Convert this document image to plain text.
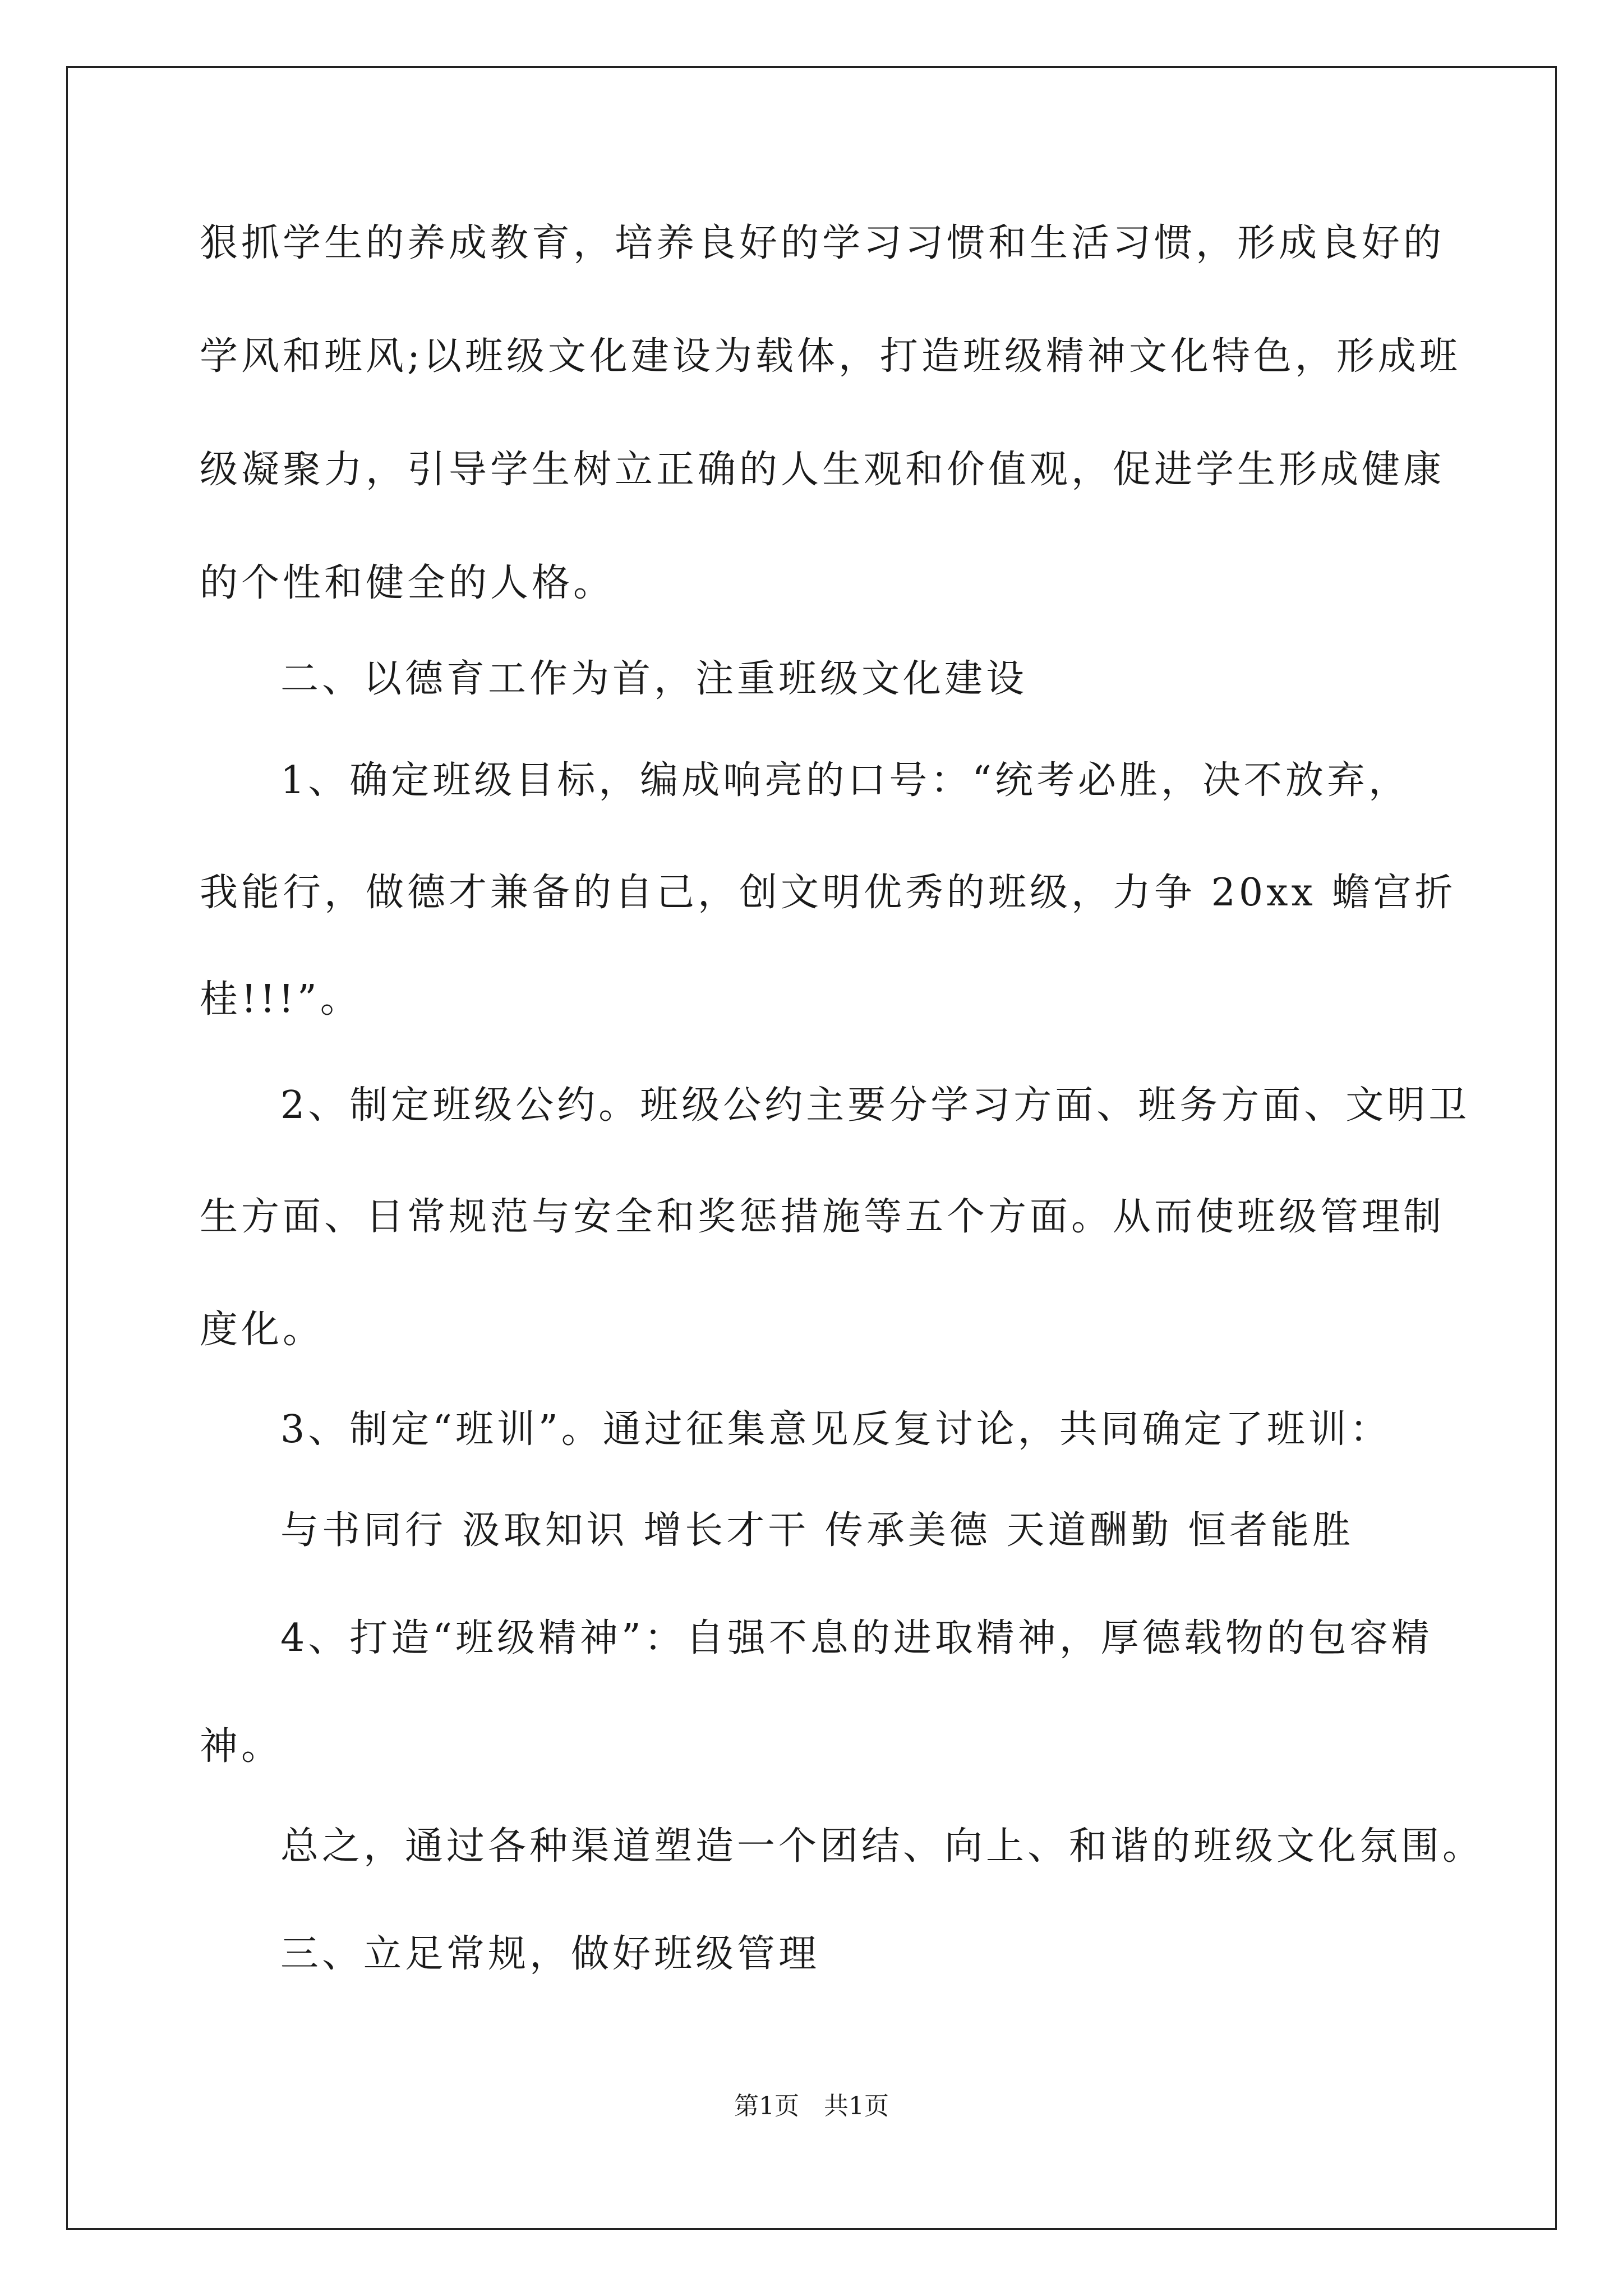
狠抓学生的养成教育，培养良好的学习习惯和生活习惯，形成良好的
学风和班风;以班级文化建设为载体，打造班级精神文化特色，形成班
级凝聚力，引导学生树立正确的人生观和价值观，促进学生形成健康
的个性和健全的人格。
二、以德育工作为首，注重班级文化建设
1、确定班级目标，编成响亮的口号：“统考必胜，决不放弃，
我能行，做德才兼备的自己，创文明优秀的班级，力争 20xx 蟾宫折
桂!!!”。
2、制定班级公约。班级公约主要分学习方面、班务方面、文明卫
生方面、日常规范与安全和奖惩措施等五个方面。从而使班级管理制
度化。
3、制定“班训”。通过征集意见反复讨论，共同确定了班训：
与书同行 汲取知识 增长才干 传承美德 天道酬勤 恒者能胜
4、打造“班级精神”：自强不息的进取精神，厚德载物的包容精
神。
总之，通过各种渠道塑造一个团结、向上、和谐的班级文化氛围。
三、立足常规，做好班级管理
第1页　共1页
